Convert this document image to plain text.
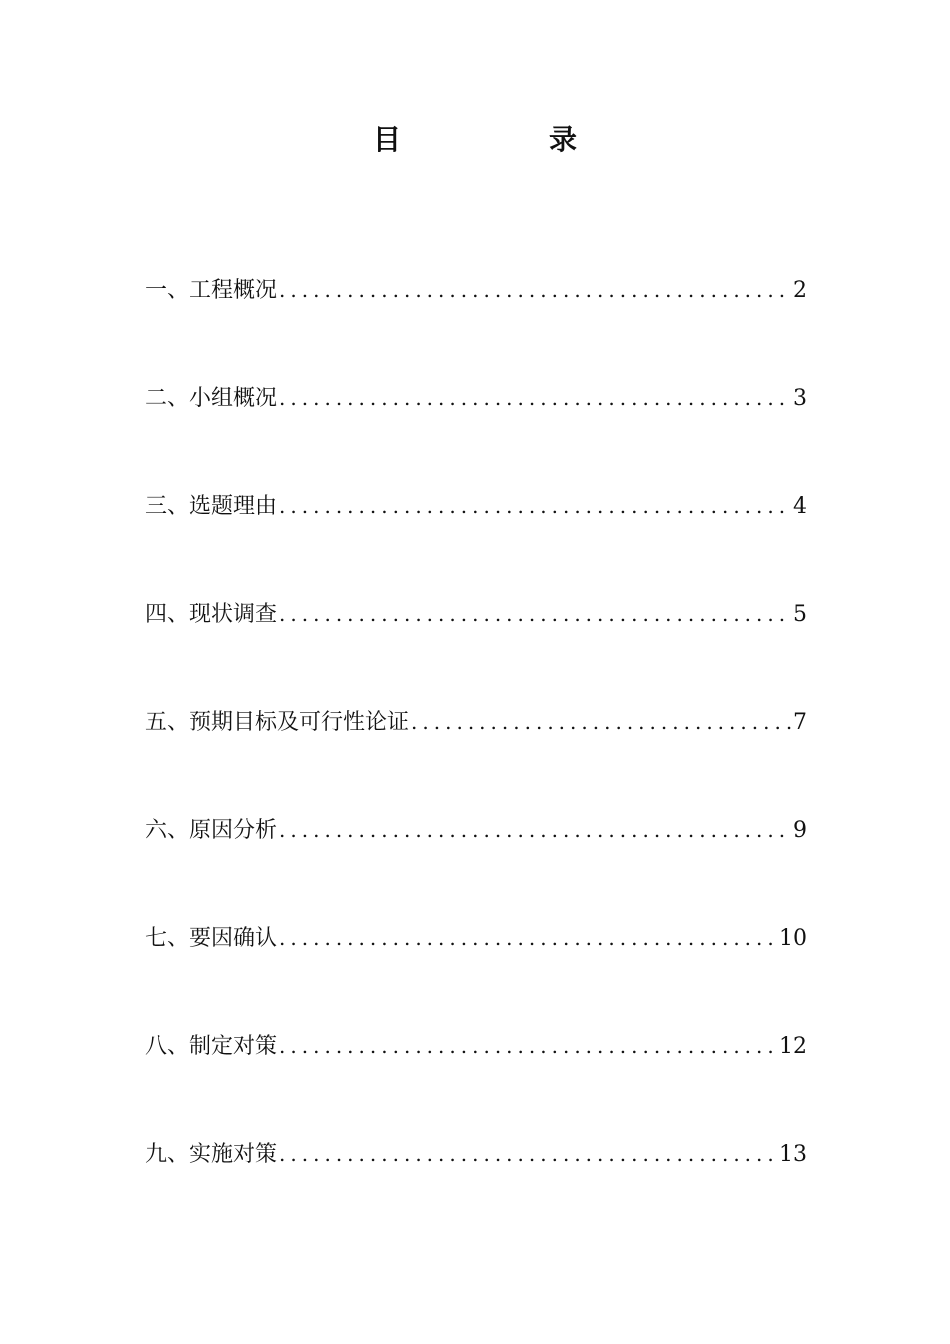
目　录
一、 工程概况 .....	2
二、 小组概况 .....	3
三、 选题理由 .....	4
四、 现状调查 .....	5
五、 预期目标及可行性论证 .....	7
六、 原因分析 .....	9
七、 要因确认 .....	10
八、 制定对策 .....	12
九、 实施对策 .....	13
